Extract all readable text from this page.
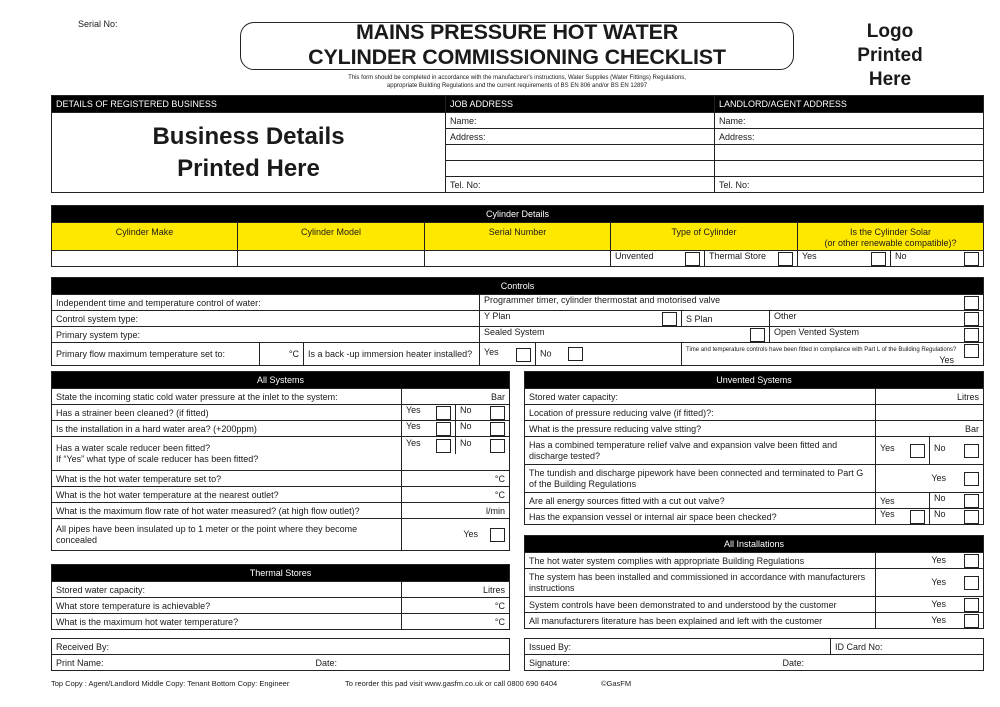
Serial No:	MAINS PRESSURE HOT WATER
CYLINDER COMMISSIONING CHECKLIST
This form should be completed in accordance with the manufacturer's instructions, Water Supplies (Water Fittings) Regulations,
appropriate Building Regulations and the current requirements of BS EN 806 and/or BS EN 12897
Logo
Printed
Here
DETAILS OF REGISTERED BUSINESS	JOB ADDRESS	LANDLORD/AGENT ADDRESS

Business Details
Printed Here	Name:	Name:
	Address:	Address:

	Tel. No:	Tel. No:
Cylinder Details						
Cylinder Make	Cylinder Model	Serial Number	Type of Cylinder		Is the Cylinder Solar
(or other renewable compatible)?	

			Unvented	Thermal Store	Yes	No
Controls						
Independent time and temperature control of water:			Programmer timer, cylinder thermostat and motorised valve			

Control system type:			Y Plan		S Plan	Other

Primary system type:			Sealed System			Open Vented System

Primary flow maximum temperature set to:	°C	Is a back -up immersion heater installed?	Yes	No	Time and temperature controls have been fitted in compliance with Part L of the Building Regulations?
Yes	
All Systems		
State the incoming static cold water pressure at the inlet to the system:	Bar	
Has a strainer been cleaned? (if fitted)	Yes	No

Is the installation in a hard water area? (+200ppm)	Yes	No

Has a water scale reducer been fitted?
If “Yes” what type of scale reducer has been fitted?	Yes	No

What is the hot water temperature set to?	°C	
What is the hot water temperature at the nearest outlet?	°C	
What is the maximum flow rate of hot water measured? (at high flow outlet)?	l/min	
All pipes have been insulated up to 1 meter or the point where they become concealed	Yes	
Thermal Stores	
Stored water capacity:	Litres
What store temperature is achievable?	°C
What is the maximum hot water temperature?	°C
Unvented Systems		
Stored water capacity:	Litres	
Location of pressure reducing valve (if fitted)?:		
What is the pressure reducing valve stting?	Bar	
Has a combined temperature relief valve and expansion valve been fitted and discharge tested?	Yes	No

The tundish and discharge pipework have been connected and terminated to Part G of the Building Regulations	Yes	
Are all energy sources fitted with a cut out valve?	Yes	No

Has the expansion vessel or internal air space been checked?	Yes	No
All Installations	
The hot water system complies with appropriate Building Regulations	Yes
The system has been installed and commissioned in accordance with manufacturers instructions	Yes
System controls have been demonstrated to and understood by the customer	Yes
All manufacturers literature has been explained and left with the customer	Yes
Received By:
Print Name:	Date:
Issued By:		ID Card No:
Signature:	Date:	
Top Copy : Agent/Landlord Middle Copy: Tenant Bottom Copy: Engineer	To reorder this pad visit www.gasfm.co.uk or call 0800 690 6404	©GasFM
